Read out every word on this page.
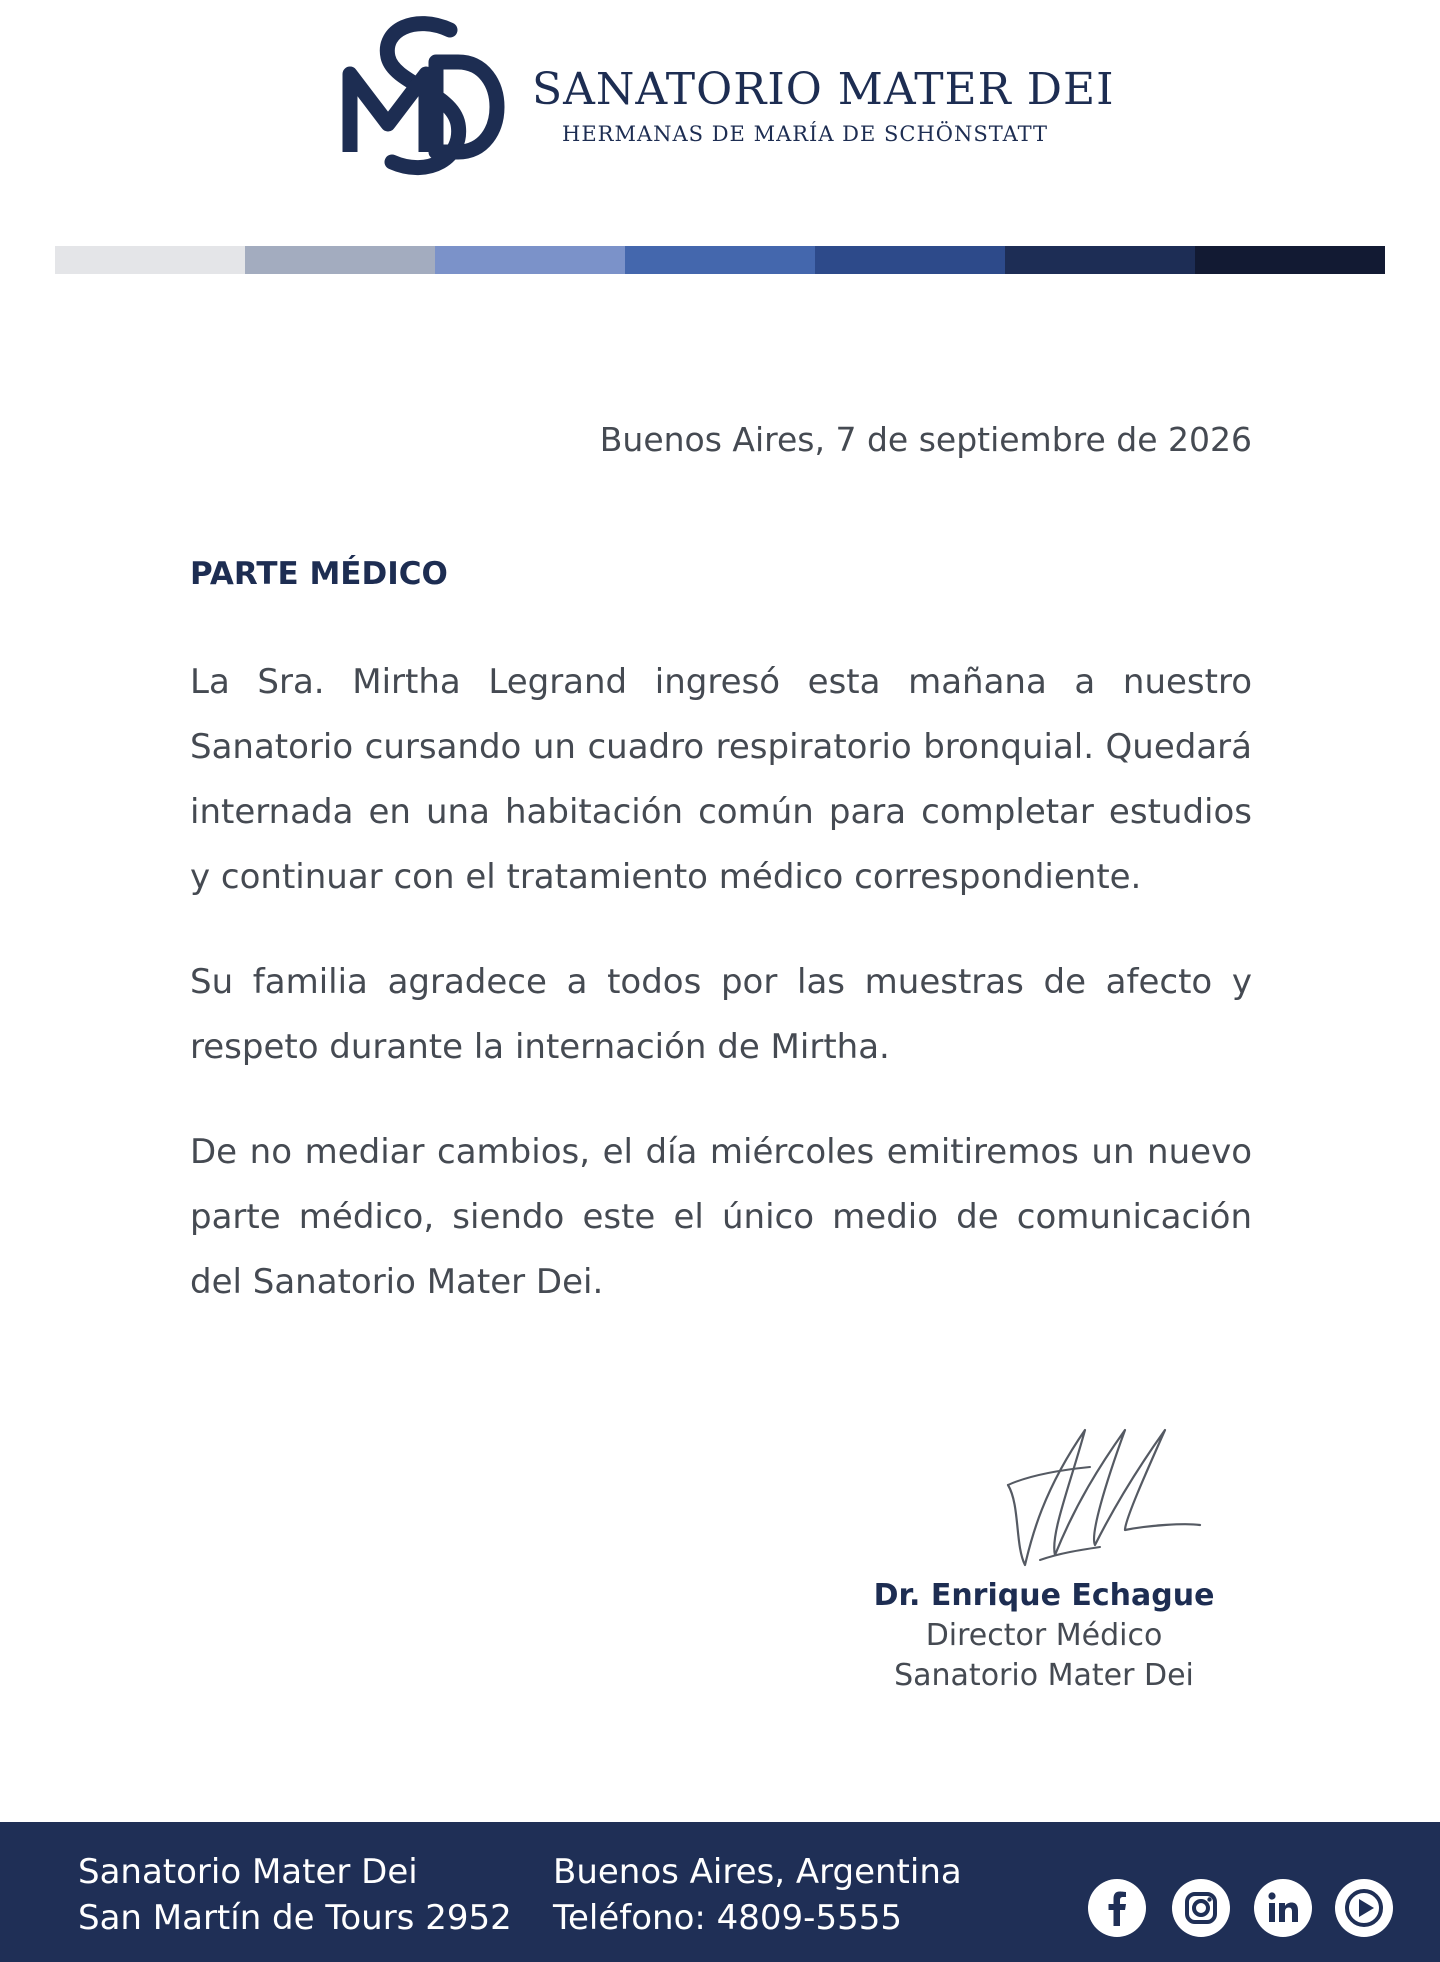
SANATORIO MATER DEI
HERMANAS DE MARÍA DE SCHÖNSTATT
Buenos Aires, 7 de septiembre de 2026
PARTE MÉDICO

La Sra. Mirtha Legrand ingresó esta mañana a nuestro Sanatorio cursando un cuadro respiratorio bronquial. Quedará internada en una habitación común para completar estudios y continuar con el tratamiento médico correspondiente.

Su familia agradece a todos por las muestras de afecto y respeto durante la internación de Mirtha.

De no mediar cambios, el día miércoles emitiremos un nuevo parte médico, siendo este el único medio de comunicación del Sanatorio Mater Dei.

Dr. Enrique Echague
Director Médico
Sanatorio Mater Dei
Sanatorio Mater Dei
San Martín de Tours 2952
Buenos Aires, Argentina
Teléfono: 4809-5555
